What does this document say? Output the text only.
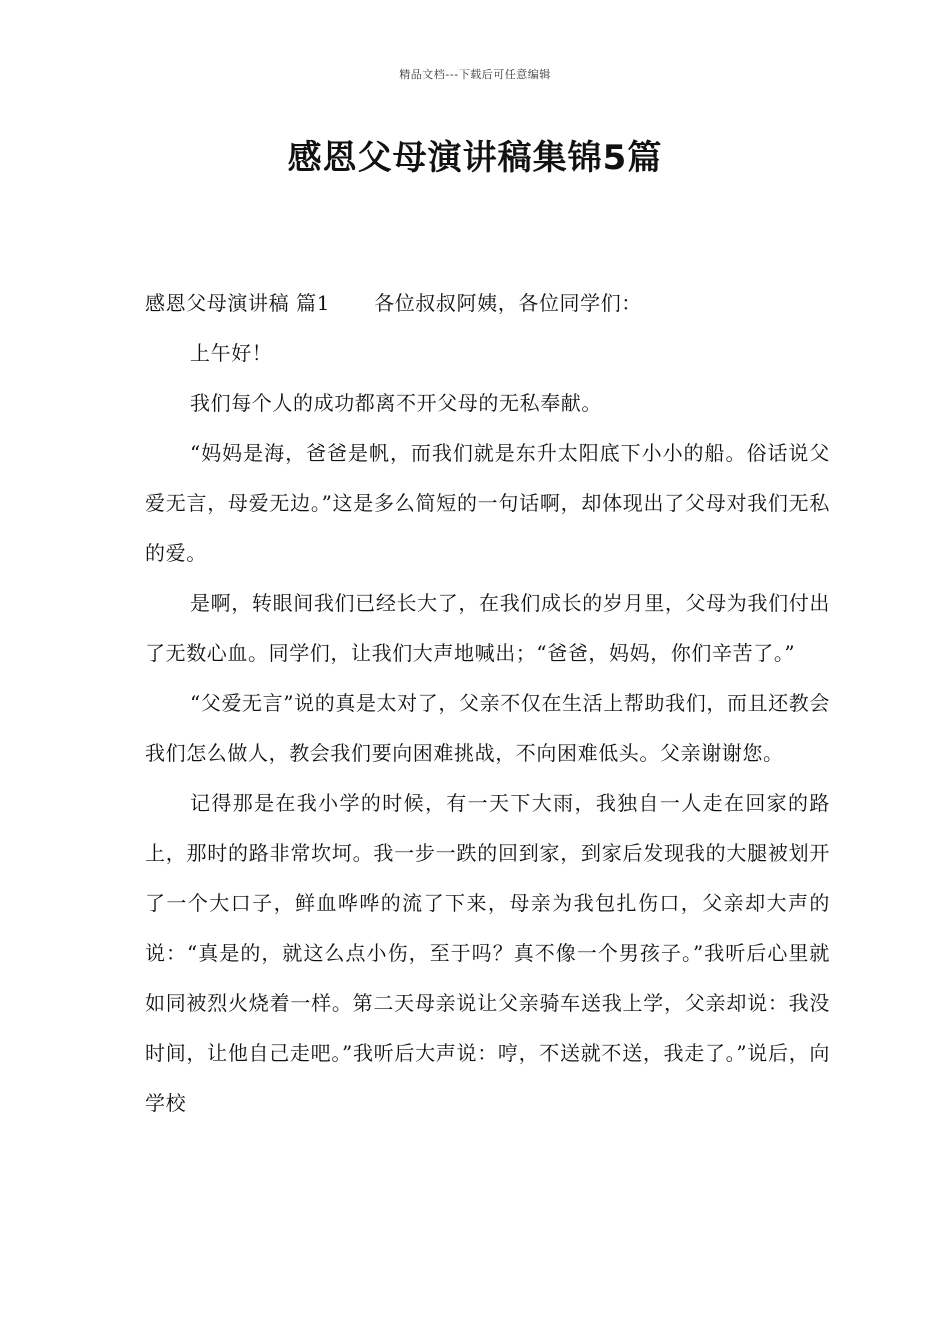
精品文档---下载后可任意编辑
感恩父母演讲稿集锦5篇

感恩父母演讲稿 篇1 各位叔叔阿姨，各位同学们：

上午好！

我们每个人的成功都离不开父母的无私奉献。

“妈妈是海，爸爸是帆，而我们就是东升太阳底下小小的船。俗话说父爱无言，母爱无边。”这是多么简短的一句话啊，却体现出了父母对我们无私的爱。

是啊，转眼间我们已经长大了，在我们成长的岁月里，父母为我们付出了无数心血。同学们，让我们大声地喊出；“爸爸，妈妈，你们辛苦了。”

“父爱无言”说的真是太对了，父亲不仅在生活上帮助我们，而且还教会我们怎么做人，教会我们要向困难挑战，不向困难低头。父亲谢谢您。

记得那是在我小学的时候，有一天下大雨，我独自一人走在回家的路上，那时的路非常坎坷。我一步一跌的回到家，到家后发现我的大腿被划开了一个大口子，鲜血哗哗的流了下来，母亲为我包扎伤口，父亲却大声的说：“真是的，就这么点小伤，至于吗？真不像一个男孩子。”我听后心里就如同被烈火烧着一样。第二天母亲说让父亲骑车送我上学，父亲却说：我没时间，让他自己走吧。”我听后大声说：哼，不送就不送，我走了。”说后，向学校
